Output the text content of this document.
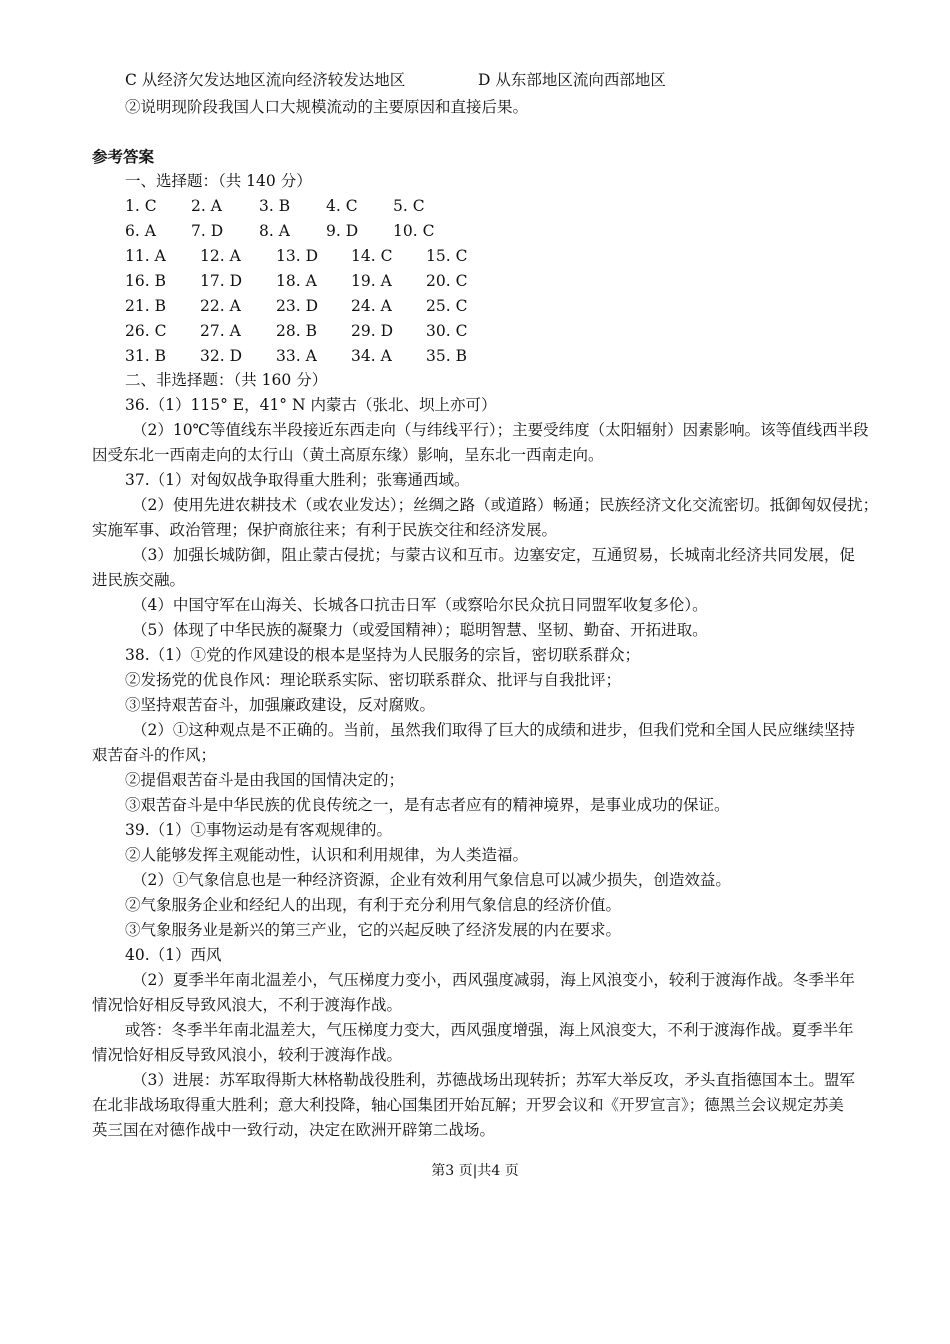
C 从经济欠发达地区流向经济较发达地区	D 从东部地区流向西部地区
②说明现阶段我国人口大规模流动的主要原因和直接后果。
参考答案
一、选择题：（共 140 分）
1. C 2. A 3. B 4. C 5. C
6. A 7. D 8. A 9. D 10. C
11. A 12. A 13. D 14. C 15. C
16. B 17. D 18. A 19. A 20. C
21. B 22. A 23. D 24. A 25. C
26. C 27. A 28. B 29. D 30. C
31. B 32. D 33. A 34. A 35. B
二、非选择题：（共 160 分）
36.（1）115° E，41° N 内蒙古（张北、坝上亦可）
（2）10℃等值线东半段接近东西走向（与纬线平行）；主要受纬度（太阳辐射）因素影响。该等值线西半段
因受东北一西南走向的太行山（黄土高原东缘）影响，呈东北一西南走向。
37.（1）对匈奴战争取得重大胜利；张骞通西域。
（2）使用先进农耕技术（或农业发达）；丝绸之路（或道路）畅通；民族经济文化交流密切。抵御匈奴侵扰；
实施军事、政治管理；保护商旅往来；有利于民族交往和经济发展。
（3）加强长城防御，阻止蒙古侵扰；与蒙古议和互市。边塞安定，互通贸易，长城南北经济共同发展，促
进民族交融。
（4）中国守军在山海关、长城各口抗击日军（或察哈尔民众抗日同盟军收复多伦）。
（5）体现了中华民族的凝聚力（或爱国精神）；聪明智慧、坚韧、勤奋、开拓进取。
38.（1）①党的作风建设的根本是坚持为人民服务的宗旨，密切联系群众；
②发扬党的优良作风：理论联系实际、密切联系群众、批评与自我批评；
③坚持艰苦奋斗，加强廉政建设，反对腐败。
（2）①这种观点是不正确的。当前，虽然我们取得了巨大的成绩和进步，但我们党和全国人民应继续坚持
艰苦奋斗的作风；
②提倡艰苦奋斗是由我国的国情决定的；
③艰苦奋斗是中华民族的优良传统之一，是有志者应有的精神境界，是事业成功的保证。
39.（1）①事物运动是有客观规律的。
②人能够发挥主观能动性，认识和利用规律，为人类造福。
（2）①气象信息也是一种经济资源，企业有效利用气象信息可以减少损失，创造效益。
②气象服务企业和经纪人的出现，有利于充分利用气象信息的经济价值。
③气象服务业是新兴的第三产业，它的兴起反映了经济发展的内在要求。
40.（1）西风
（2）夏季半年南北温差小，气压梯度力变小，西风强度减弱，海上风浪变小，较利于渡海作战。冬季半年
情况恰好相反导致风浪大，不利于渡海作战。
或答：冬季半年南北温差大，气压梯度力变大，西风强度增强，海上风浪变大，不利于渡海作战。夏季半年
情况恰好相反导致风浪小，较利于渡海作战。
（3）进展：苏军取得斯大林格勒战役胜利，苏德战场出现转折；苏军大举反攻，矛头直指德国本土。盟军
在北非战场取得重大胜利；意大利投降，轴心国集团开始瓦解；开罗会议和《开罗宣言》；德黑兰会议规定苏美
英三国在对德作战中一致行动，决定在欧洲开辟第二战场。
第3 页|共4 页
